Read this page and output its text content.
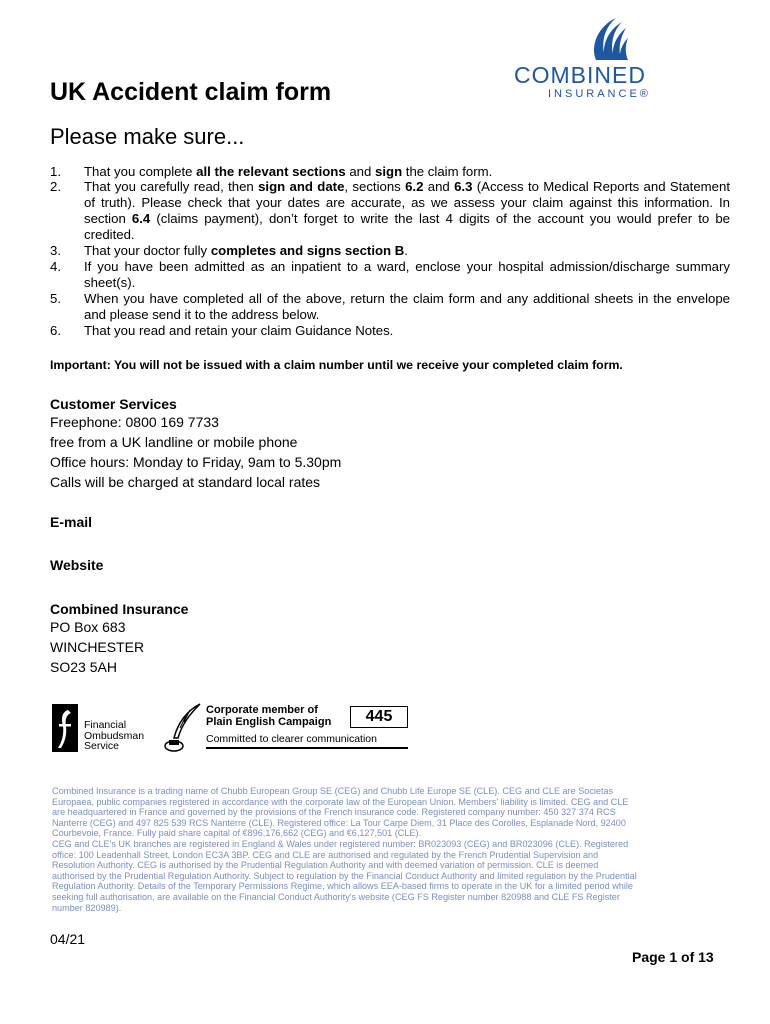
COMBINED
INSURANCE®
UK Accident claim form
Please make sure...
1.	That you complete all the relevant sections and sign the claim form.
2.	That you carefully read, then sign and date, sections 6.2 and 6.3 (Access to Medical Reports and Statement of truth). Please check that your dates are accurate, as we assess your claim against this information. In section 6.4 (claims payment), don’t forget to write the last 4 digits of the account you would prefer to be credited.
3.	That your doctor fully completes and signs section B.
4.	If you have been admitted as an inpatient to a ward, enclose your hospital admission/discharge summary sheet(s).
5.	When you have completed all of the above, return the claim form and any additional sheets in the envelope and please send it to the address below.
6.	That you read and retain your claim Guidance Notes.
Important: You will not be issued with a claim number until we receive your completed claim form.
Customer Services
Freephone: 0800 169 7733
free from a UK landline or mobile phone
Office hours: Monday to Friday, 9am to 5.30pm
Calls will be charged at standard local rates
E-mail
Website
Combined Insurance
PO Box 683
WINCHESTER
SO23 5AH
Financial
Ombudsman
Service
Corporate member of
Plain English Campaign	445
Committed to clearer communication
Combined Insurance is a trading name of Chubb European Group SE (CEG) and Chubb Life Europe SE (CLE). CEG and CLE are Societas
Europaea, public companies registered in accordance with the corporate law of the European Union. Members' liability is limited. CEG and CLE
are headquartered in France and governed by the provisions of the French insurance code. Registered company number: 450 327 374 RCS
Nanterre (CEG) and 497 825 539 RCS Nanterre (CLE). Registered office: La Tour Carpe Diem, 31 Place des Corolles, Esplanade Nord, 92400
Courbevoie, France. Fully paid share capital of €896,176,662 (CEG) and €6,127,501 (CLE).
CEG and CLE's UK branches are registered in England & Wales under registered number: BR023093 (CEG) and BR023096 (CLE). Registered
office: 100 Leadenhall Street, London EC3A 3BP. CEG and CLE are authorised and regulated by the French Prudential Supervision and
Resolution Authority. CEG is authorised by the Prudential Regulation Authority and with deemed variation of permission. CLE is deemed
authorised by the Prudential Regulation Authority. Subject to regulation by the Financial Conduct Authority and limited regulation by the Prudential
Regulation Authority. Details of the Temporary Permissions Regime, which allows EEA-based firms to operate in the UK for a limited period while
seeking full authorisation, are available on the Financial Conduct Authority's website (CEG FS Register number 820988 and CLE FS Register
number 820989).
04/21
Page 1 of 13
